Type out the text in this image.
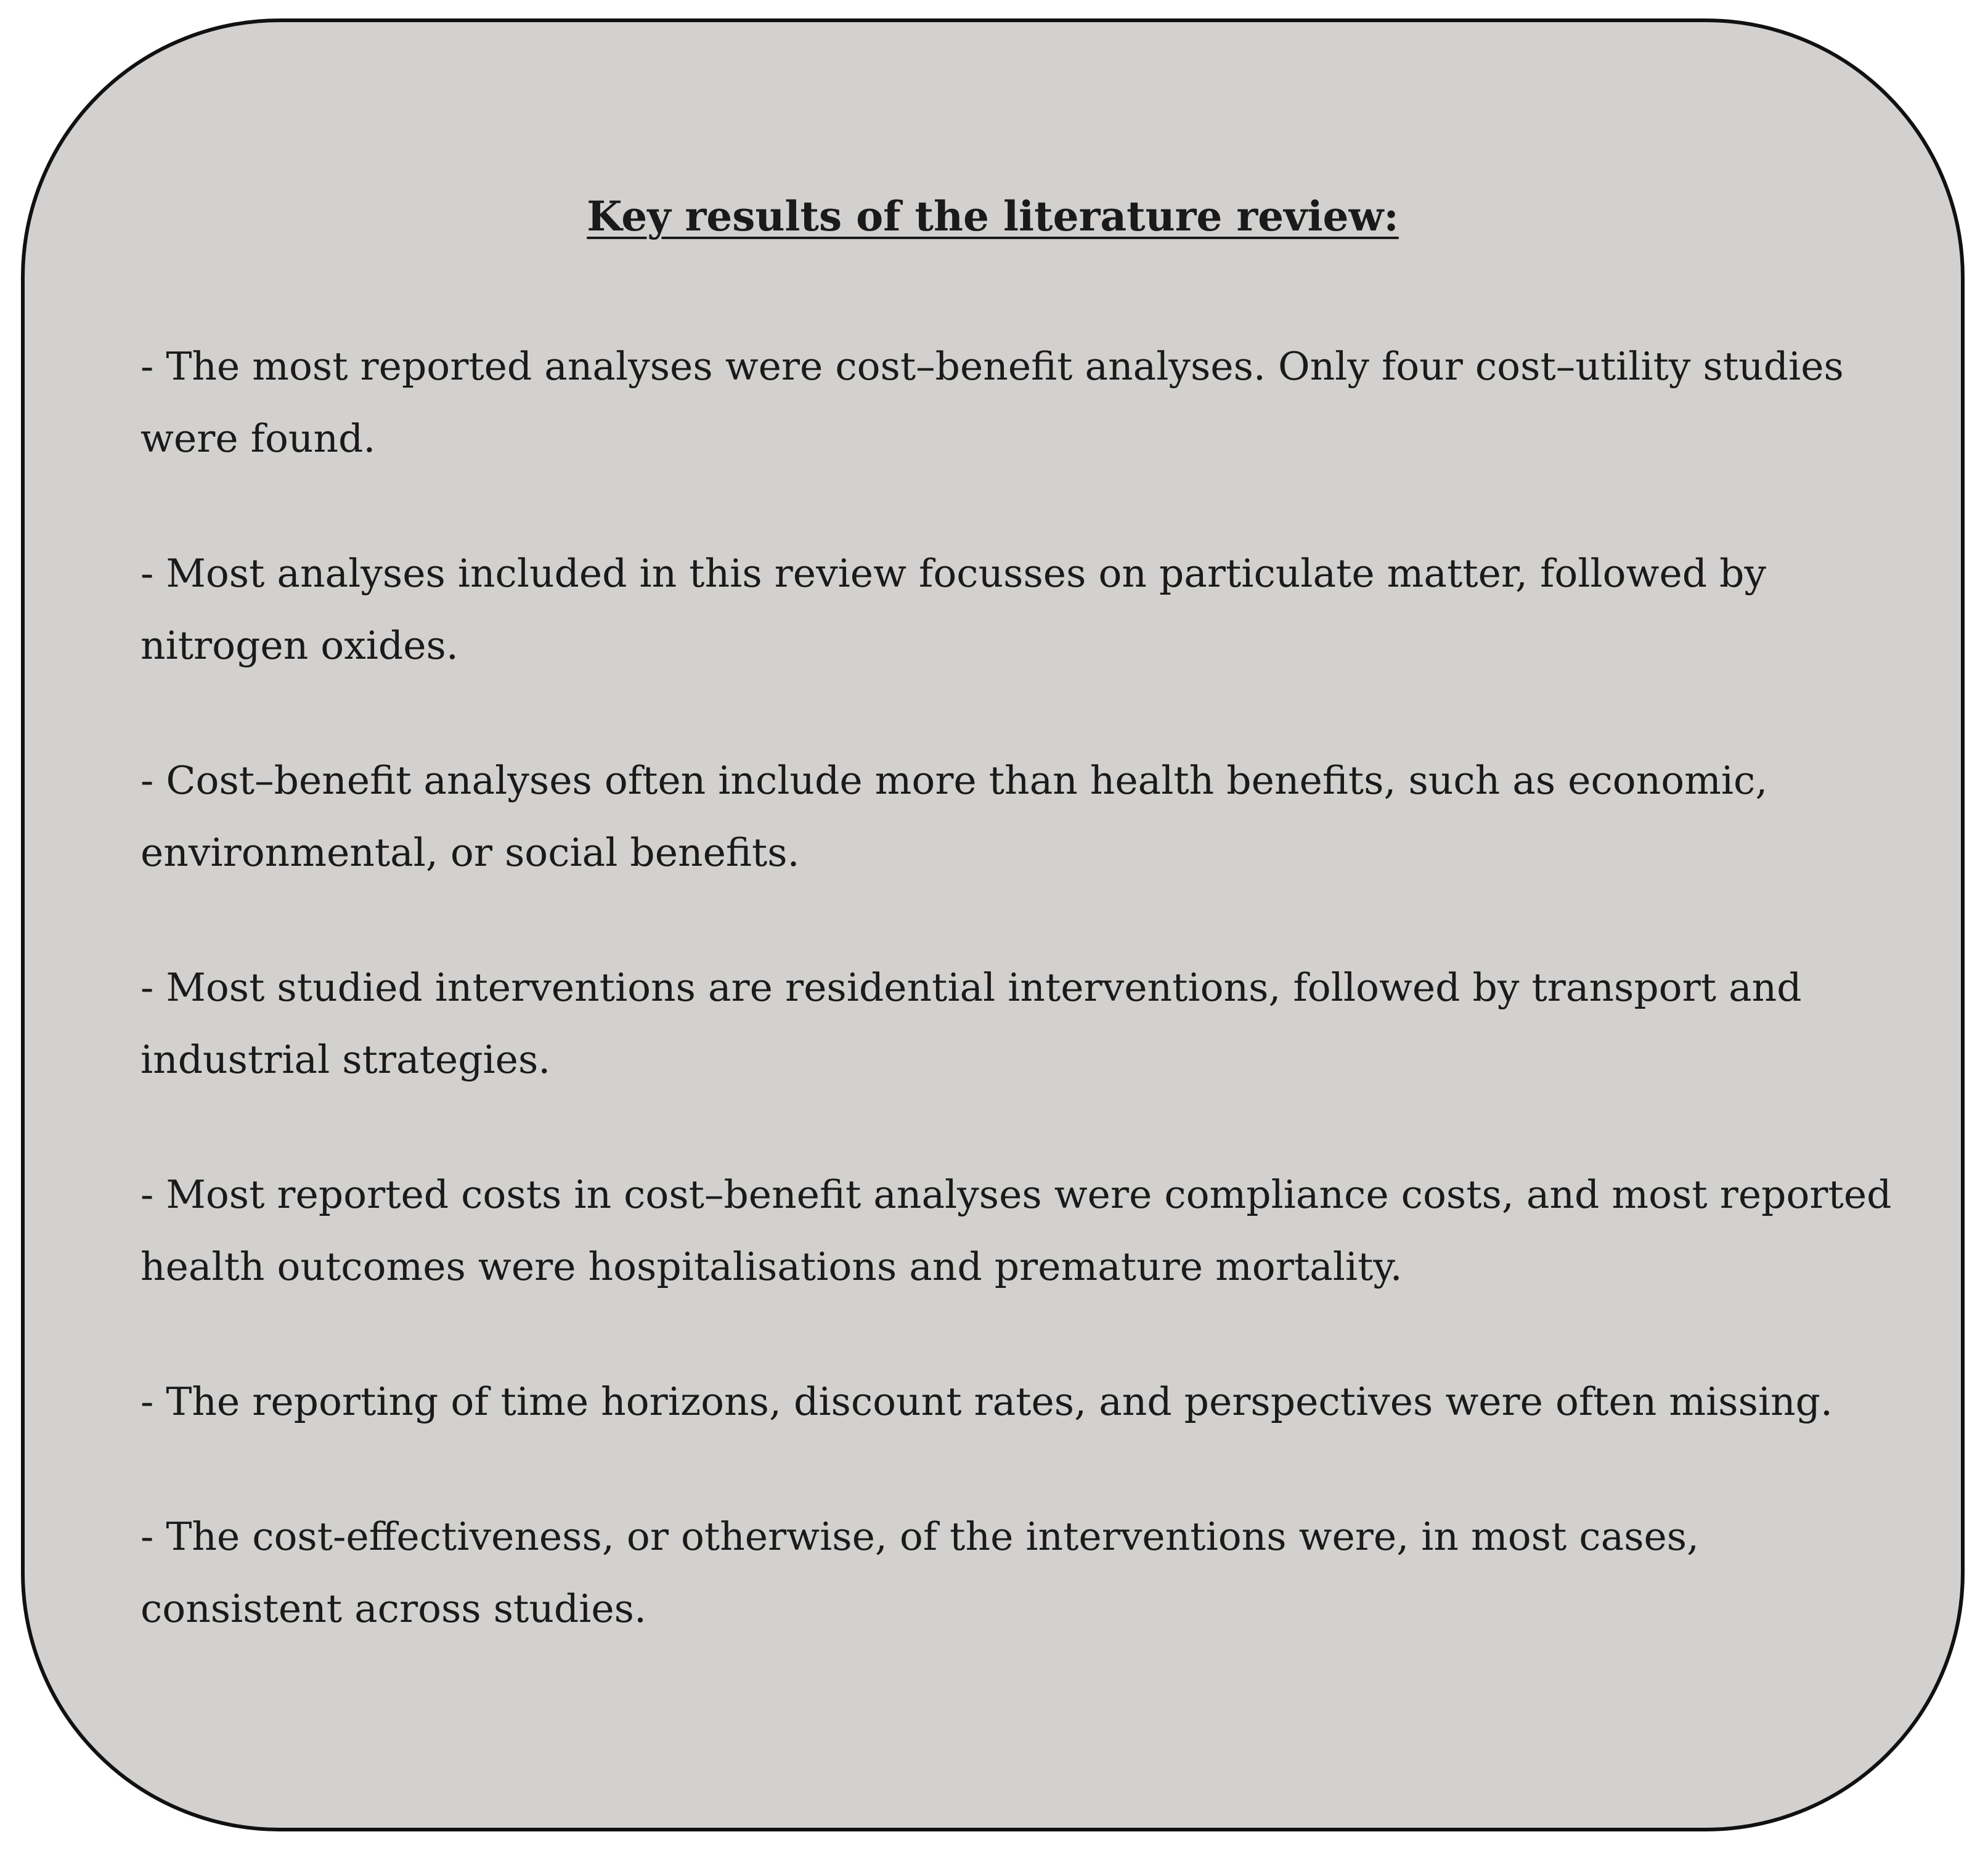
Key results of the literature review:
- The most reported analyses were cost–benefit analyses. Only four cost–utility studies were found.
- Most analyses included in this review focusses on particulate matter, followed by nitrogen oxides.
- Cost–benefit analyses often include more than health benefits, such as economic, environmental, or social benefits.
- Most studied interventions are residential interventions, followed by transport and industrial strategies.
- Most reported costs in cost–benefit analyses were compliance costs, and most reported health outcomes were hospitalisations and premature mortality.
- The reporting of time horizons, discount rates, and perspectives were often missing.
- The cost-effectiveness, or otherwise, of the interventions were, in most cases, consistent across studies.
